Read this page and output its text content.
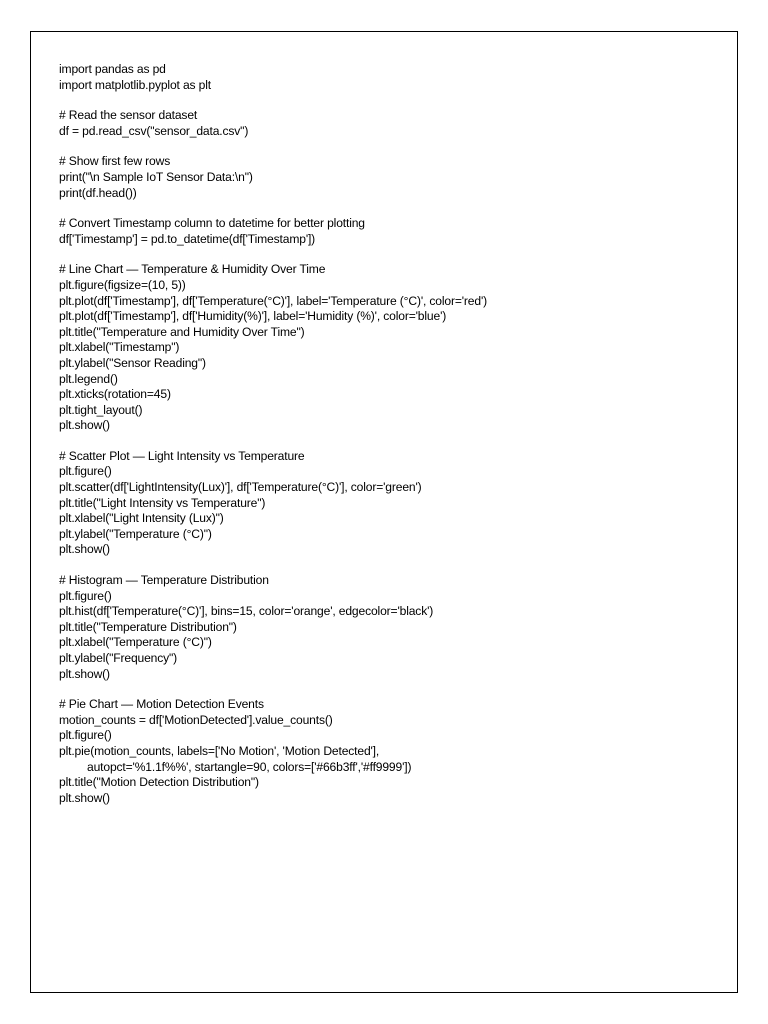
import pandas as pd
import matplotlib.pyplot as plt
# Read the sensor dataset
df = pd.read_csv("sensor_data.csv")
# Show first few rows
print("\n Sample IoT Sensor Data:\n")
print(df.head())
# Convert Timestamp column to datetime for better plotting
df['Timestamp'] = pd.to_datetime(df['Timestamp'])
# Line Chart — Temperature & Humidity Over Time
plt.figure(figsize=(10, 5))
plt.plot(df['Timestamp'], df['Temperature(°C)'], label='Temperature (°C)', color='red')
plt.plot(df['Timestamp'], df['Humidity(%)'], label='Humidity (%)', color='blue')
plt.title("Temperature and Humidity Over Time")
plt.xlabel("Timestamp")
plt.ylabel("Sensor Reading")
plt.legend()
plt.xticks(rotation=45)
plt.tight_layout()
plt.show()
# Scatter Plot — Light Intensity vs Temperature
plt.figure()
plt.scatter(df['LightIntensity(Lux)'], df['Temperature(°C)'], color='green')
plt.title("Light Intensity vs Temperature")
plt.xlabel("Light Intensity (Lux)")
plt.ylabel("Temperature (°C)")
plt.show()
# Histogram — Temperature Distribution
plt.figure()
plt.hist(df['Temperature(°C)'], bins=15, color='orange', edgecolor='black')
plt.title("Temperature Distribution")
plt.xlabel("Temperature (°C)")
plt.ylabel("Frequency")
plt.show()
# Pie Chart — Motion Detection Events
motion_counts = df['MotionDetected'].value_counts()
plt.figure()
plt.pie(motion_counts, labels=['No Motion', 'Motion Detected'],
autopct='%1.1f%%', startangle=90, colors=['#66b3ff','#ff9999'])
plt.title("Motion Detection Distribution")
plt.show()
